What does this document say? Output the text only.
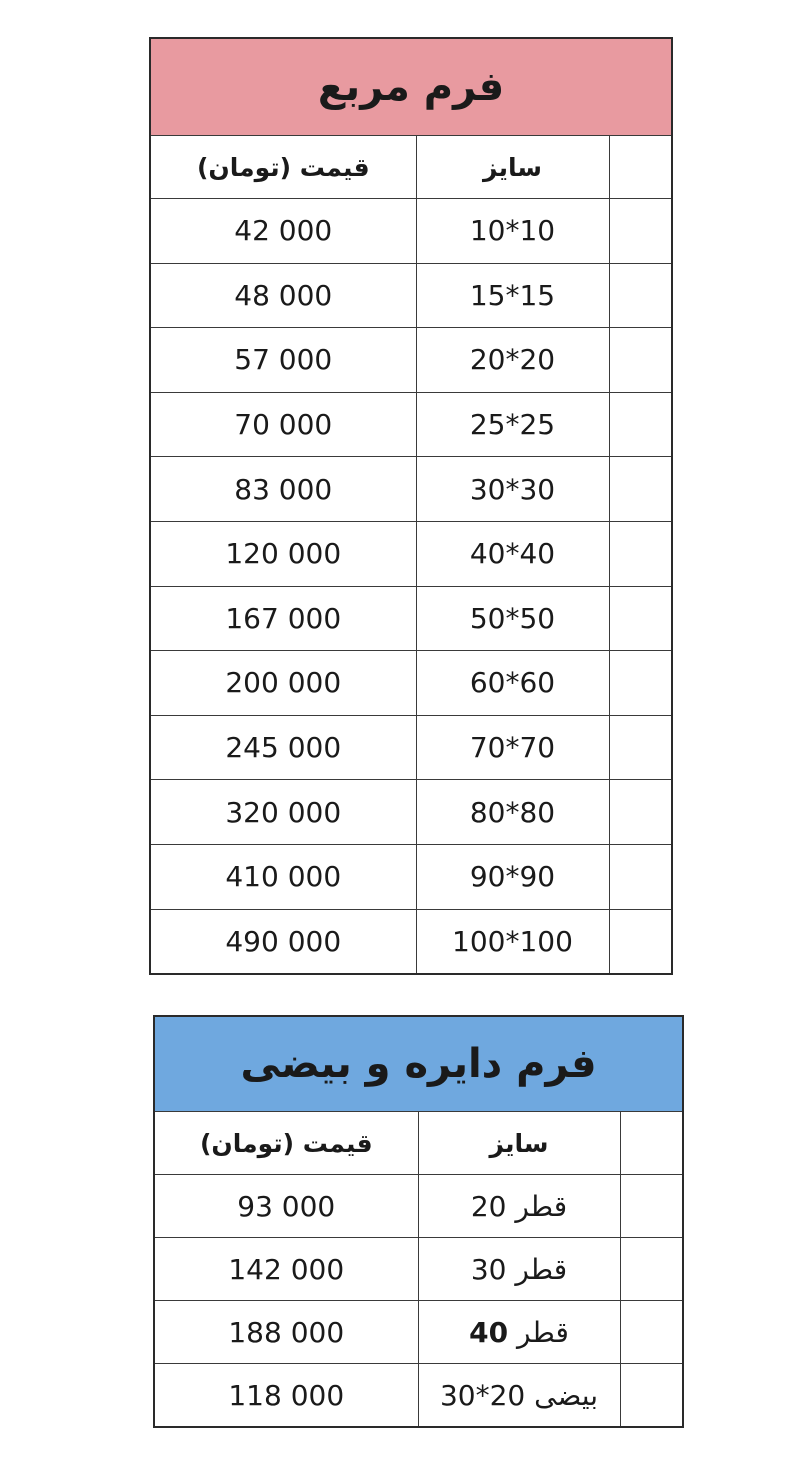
فرم مربع		
قیمت (تومان)	سایز	
42 000	10*10	
48 000	15*15	
57 000	20*20	
70 000	25*25	
83 000	30*30	
120 000	40*40	
167 000	50*50	
200 000	60*60	
245 000	70*70	
320 000	80*80	
410 000	90*90	
490 000	100*100	
فرم دایره و بیضی		
قیمت (تومان)	سایز	
93 000	قطر 20	
142 000	قطر 30	
188 000	قطر 40	
118 000	بیضی 20*30	
